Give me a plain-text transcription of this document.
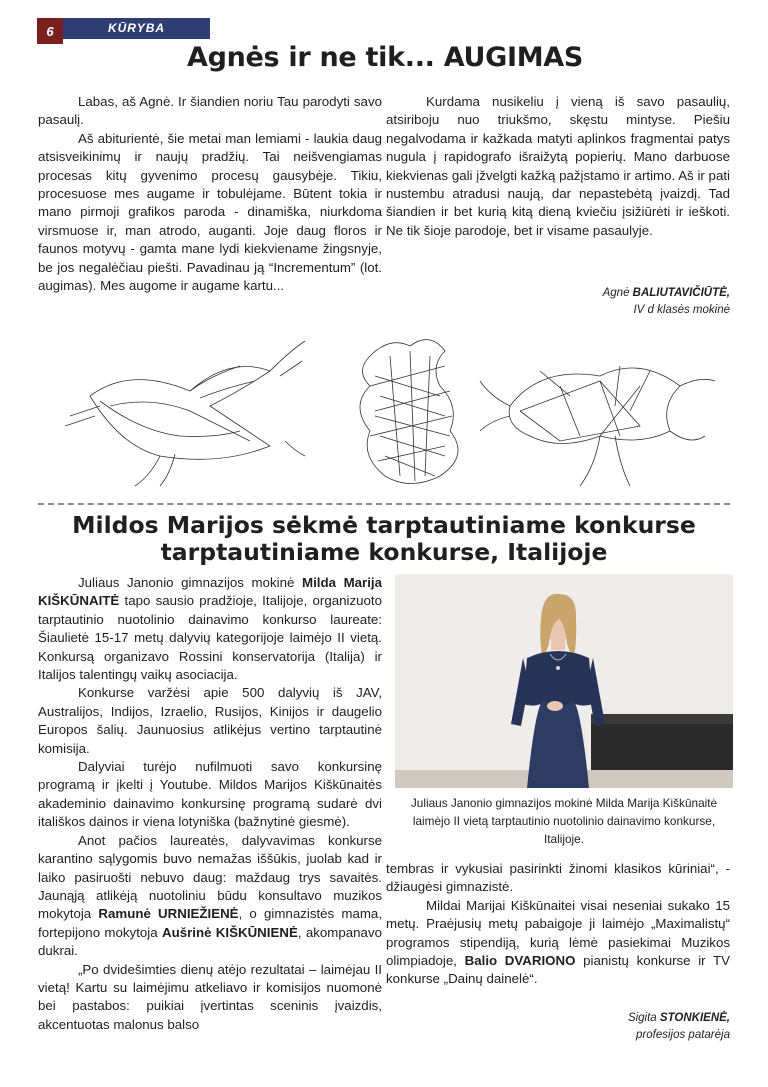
6	KŪRYBA
Agnės ir ne tik... AUGIMAS

Labas, aš Agnė. Ir šiandien noriu Tau parodyti savo pasaulį.

Aš abiturientė, šie metai man lemiami - laukia daug atsisveikinimų ir naujų pradžių. Tai neišvengiamas procesas kitų gyvenimo procesų gausybėje. Tikiu, procesuose mes augame ir tobulėjame. Būtent tokia ir mano pirmoji grafikos paroda - dinamiška, niurkdoma virsmuose ir, man atrodo, auganti. Joje daug floros ir faunos motyvų - gamta mane lydi kiekviename žingsnyje, be jos negalėčiau piešti. Pavadinau ją “Incrementum” (lot. augimas). Mes augome ir augame kartu...

Kurdama nusikeliu į vieną iš savo pasaulių, atsiriboju nuo triukšmo, skęstu mintyse. Piešiu negalvodama ir kažkada matyti aplinkos fragmentai patys nugula į rapidografo išraižytą popierių. Mano darbuose kiekvienas gali įžvelgti kažką pažįstamo ir artimo. Aš ir pati nustembu atradusi naują, dar nepastebėtą įvaizdį. Tad šiandien ir bet kurią kitą dieną kviečiu įsižiūrėti ir ieškoti. Ne tik šioje parodoje, bet ir visame pasaulyje.

Agnė BALIUTAVIČIŪTĖ,
IV d klasės mokinė
Mildos Marijos sėkmė tarptautiniame konkurse
tarptautiniame konkurse, Italijoje

Juliaus Janonio gimnazijos mokinė Milda Marija KIŠKŪNAITĖ tapo sausio pradžioje, Italijoje, organizuoto tarptautinio nuotolinio dainavimo konkurso laureate: Šiaulietė 15-17 metų dalyvių kategorijoje laimėjo II vietą. Konkursą organizavo Rossini konservatorija (Italija) ir Italijos talentingų vaikų asociacija.

Konkurse varžėsi apie 500 dalyvių iš JAV, Australijos, Indijos, Izraelio, Rusijos, Kinijos ir daugelio Europos šalių. Jaunuosius atlikėjus vertino tarptautinė komisija.

Dalyviai turėjo nufilmuoti savo konkursinę programą ir įkelti į Youtube. Mildos Marijos Kiškūnaitės akademinio dainavimo konkursinę programą sudarė dvi itališkos dainos ir viena lotyniška (bažnytinė giesmė).

Anot pačios laureatės, dalyvavimas konkurse karantino sąlygomis buvo nemažas iššūkis, juolab kad ir laiko pasiruošti nebuvo daug: maždaug trys savaitės. Jaunąją atlikėją nuotoliniu būdu konsultavo muzikos mokytoja Ramunė URNIEŽIENĖ, o gimnazistės mama, fortepijono mokytoja Aušrinė KIŠKŪNIENĖ, akompanavo dukrai.

„Po dvidešimties dienų atėjo rezultatai – laimėjau II vietą! Kartu su laimėjimu atkeliavo ir komisijos nuomonė bei pastabos: puikiai įvertintas sceninis įvaizdis, akcentuotas malonus balso

Juliaus Janonio gimnazijos mokinė Milda Marija Kiškūnaitė laimėjo II vietą tarptautinio nuotolinio dainavimo konkurse, Italijoje.

tembras ir vykusiai pasirinkti žinomi klasikos kūriniai“, - džiaugėsi gimnazistė.

Mildai Marijai Kiškūnaitei visai neseniai sukako 15 metų. Praėjusių metų pabaigoje ji laimėjo „Maximalistų“ programos stipendiją, kurią lėmė pasiekimai Muzikos olimpiadoje, Balio DVARIONO pianistų konkurse ir TV konkurse „Dainų dainelė“.

Sigita STONKIENĖ,
profesijos patarėja
